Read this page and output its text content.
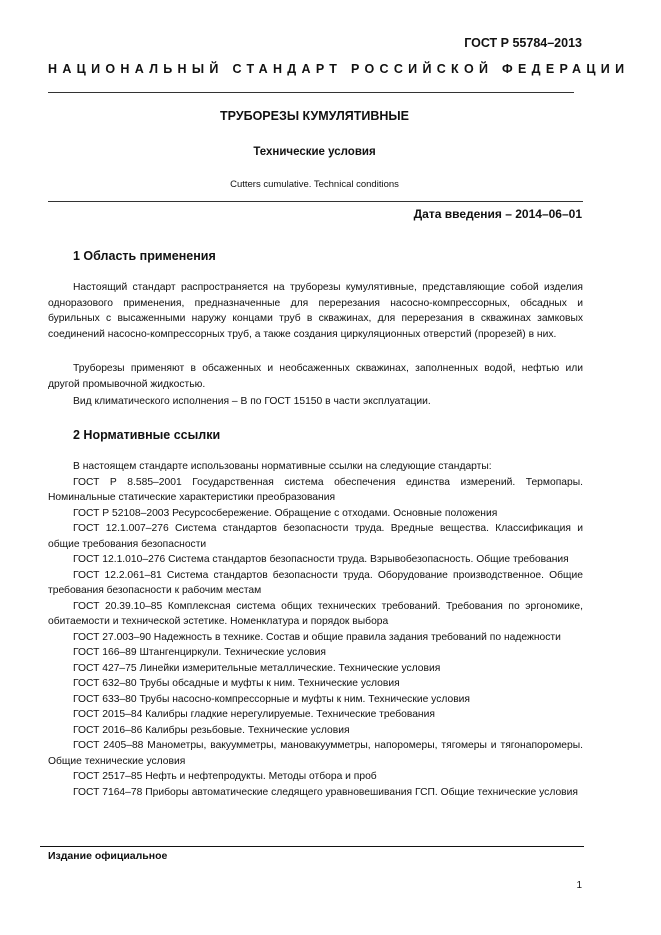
ГОСТ Р 55784–2013
НАЦИОНАЛЬНЫЙ СТАНДАРТ РОССИЙСКОЙ ФЕДЕРАЦИИ
ТРУБОРЕЗЫ КУМУЛЯТИВНЫЕ
Технические условия
Cutters cumulative. Technical conditions
Дата введения – 2014–06–01
1 Область применения

Настоящий стандарт распространяется на труборезы кумулятивные, представляющие собой изделия одноразового применения, предназначенные для перерезания насосно-компрессорных, обсадных и бурильных с высаженными наружу концами труб в скважинах, для перерезания в скважинах замковых соединений насосно-компрессорных труб, а также создания циркуляционных отверстий (прорезей) в них.

Труборезы применяют в обсаженных и необсаженных скважинах, заполненных водой, нефтью или другой промывочной жидкостью.

Вид климатического исполнения – В по ГОСТ 15150 в части эксплуатации.

2 Нормативные ссылки

В настоящем стандарте использованы нормативные ссылки на следующие стандарты:

ГОСТ Р 8.585–2001 Государственная система обеспечения единства измерений. Термопары. Номинальные статические характеристики преобразования

ГОСТ Р 52108–2003 Ресурсосбережение. Обращение с отходами. Основные положения

ГОСТ 12.1.007–276 Система стандартов безопасности труда. Вредные вещества. Классификация и общие требования безопасности

ГОСТ 12.1.010–276 Система стандартов безопасности труда. Взрывобезопасность. Общие требования

ГОСТ 12.2.061–81 Система стандартов безопасности труда. Оборудование производственное. Общие требования безопасности к рабочим местам

ГОСТ 20.39.10–85 Комплексная система общих технических требований. Требования по эргономике, обитаемости и технической эстетике. Номенклатура и порядок выбора

ГОСТ 27.003–90 Надежность в технике. Состав и общие правила задания требований по надежности

ГОСТ 166–89 Штангенциркули. Технические условия

ГОСТ 427–75 Линейки измерительные металлические. Технические условия

ГОСТ 632–80 Трубы обсадные и муфты к ним. Технические условия

ГОСТ 633–80 Трубы насосно-компрессорные и муфты к ним. Технические условия

ГОСТ 2015–84 Калибры гладкие нерегулируемые. Технические требования

ГОСТ 2016–86 Калибры резьбовые. Технические условия

ГОСТ 2405–88 Манометры, вакуумметры, мановакуумметры, напоромеры, тягомеры и тягонапоромеры. Общие технические условия

ГОСТ 2517–85 Нефть и нефтепродукты. Методы отбора и проб

ГОСТ 7164–78 Приборы автоматические следящего уравновешивания ГСП. Общие технические условия

Издание официальное
1
